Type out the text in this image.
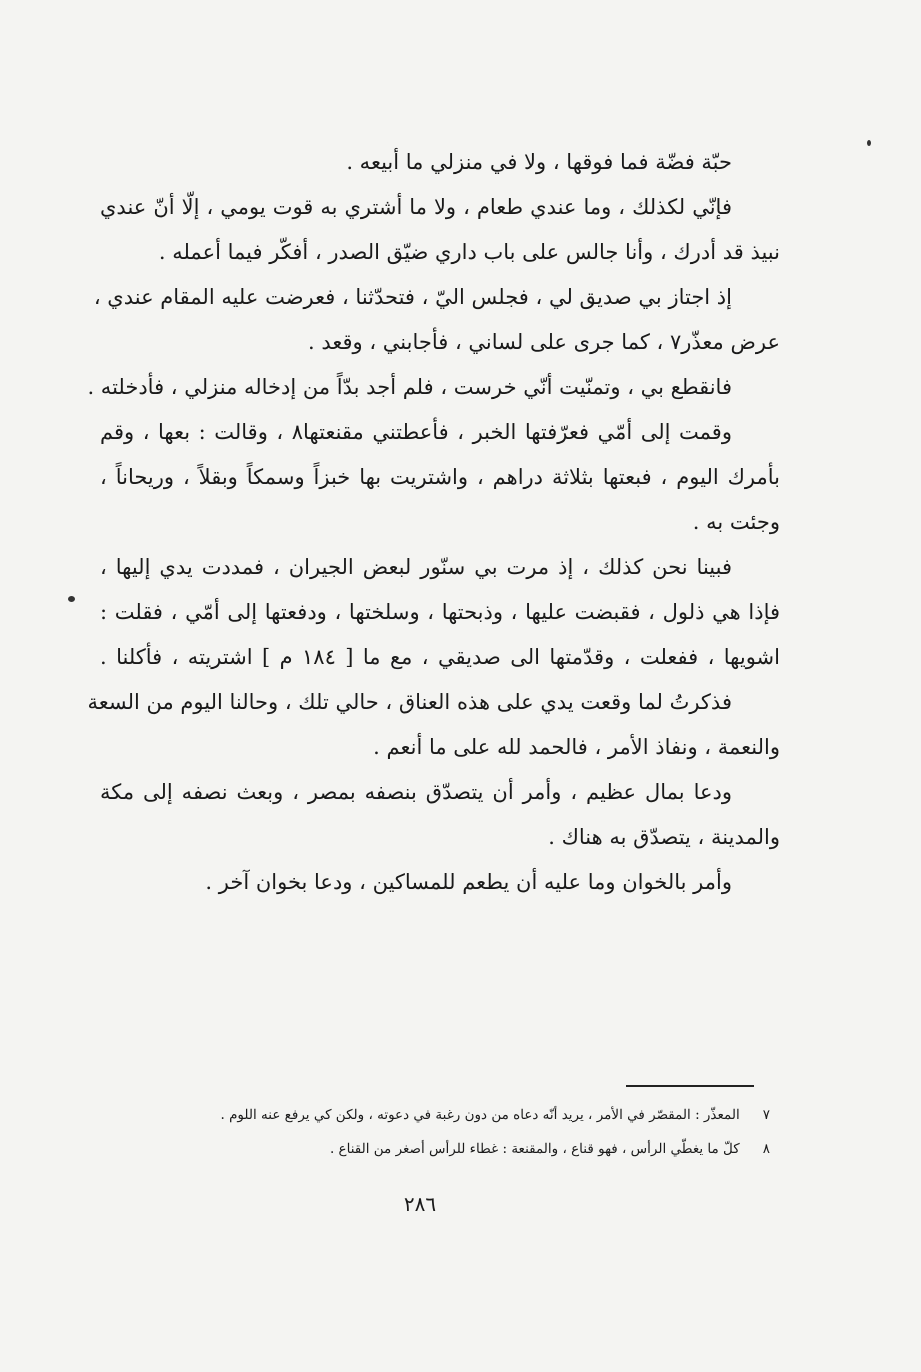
حبّة فضّة فما فوقها ، ولا في منزلي ما أبيعه .
فإنّي لكذلك ، وما عندي طعام ، ولا ما أشتري به قوت يومي ، إلّا أنّ عندي
نبيذ قد أدرك ، وأنا جالس على باب داري ضيّق الصدر ، أفكّر فيما أعمله .
إذ اجتاز بي صديق لي ، فجلس اليّ ، فتحدّثنا ، فعرضت عليه المقام عندي ،
عرض معذّر٧ ، كما جرى على لساني ، فأجابني ، وقعد .
فانقطع بي ، وتمنّيت أنّي خرست ، فلم أجد بدّاً من إدخاله منزلي ، فأدخلته .
وقمت إلى أمّي فعرّفتها الخبر ، فأعطتني مقنعتها٨ ، وقالت : بعها ، وقم
بأمرك اليوم ، فبعتها بثلاثة دراهم ، واشتريت بها خبزاً وسمكاً وبقلاً ، وريحاناً ،
وجئت به .
فبينا نحن كذلك ، إذ مرت بي سنّور لبعض الجيران ، فمددت يدي إليها ،
فإذا هي ذلول ، فقبضت عليها ، وذبحتها ، وسلختها ، ودفعتها إلى أمّي ، فقلت :
اشويها ، ففعلت ، وقدّمتها الى صديقي ، مع ما [ ١٨٤ م ] اشتريته ، فأكلنا .
فذكرتُ لما وقعت يدي على هذه العناق ، حالي تلك ، وحالنا اليوم من السعة
والنعمة ، ونفاذ الأمر ، فالحمد لله على ما أنعم .
ودعا بمال عظيم ، وأمر أن يتصدّق بنصفه بمصر ، وبعث نصفه إلى مكة
والمدينة ، يتصدّق به هناك .
وأمر بالخوان وما عليه أن يطعم للمساكين ، ودعا بخوان آخر .
٧ المعذّر : المقصّر في الأمر ، يريد أنّه دعاه من دون رغبة في دعوته ، ولكن كي يرفع عنه اللوم .
٨ كلّ ما يغطّي الرأس ، فهو قناع ، والمقنعة : غطاء للرأس أصغر من القناع .
٢٨٦
